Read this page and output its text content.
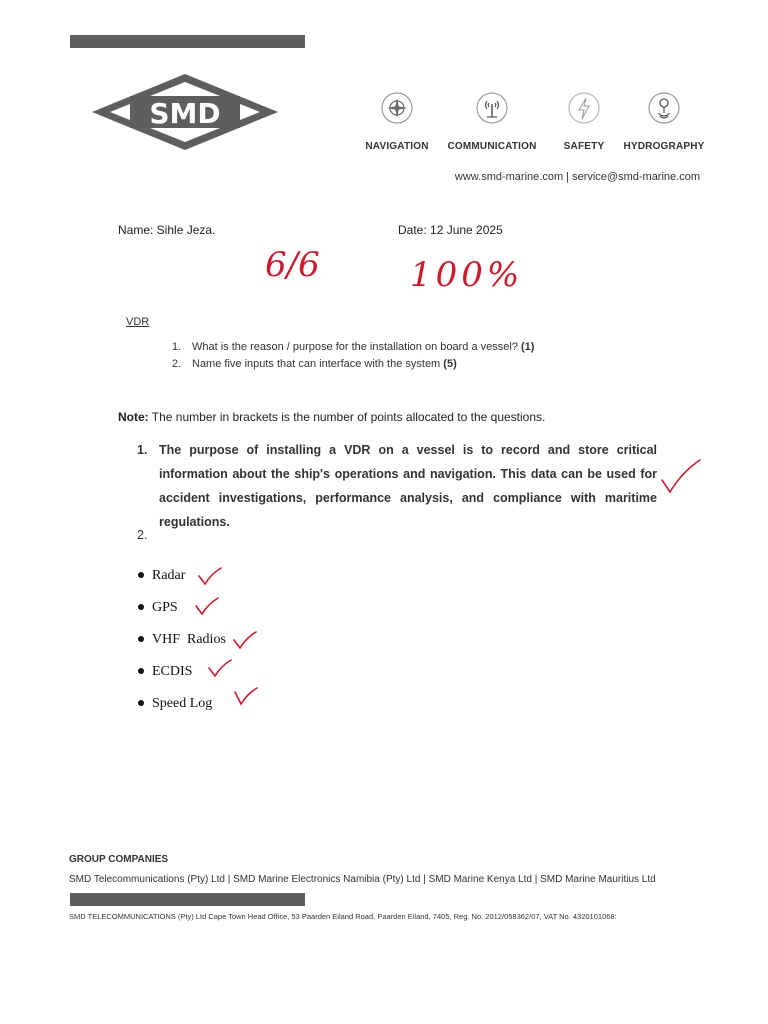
SMD
NAVIGATION	COMMUNICATION	SAFETY	HYDROGRAPHY
www.smd-marine.com | service@smd-marine.com
Name: Sihle Jeza.	Date: 12 June 2025
6/6	100%
VDR
1. What is the reason / purpose for the installation on board a vessel? (1)
2. Name five inputs that can interface with the system (5)
Note: The number in brackets is the number of points allocated to the questions.
1. The purpose of installing a VDR on a vessel is to record and store critical information about the ship's operations and navigation. This data can be used for accident investigations, performance analysis, and compliance with maritime regulations.
2.
Radar
GPS
VHF  Radios
ECDIS
Speed Log
GROUP COMPANIES
SMD Telecommunications (Pty) Ltd | SMD Marine Electronics Namibia (Pty) Ltd | SMD Marine Kenya Ltd | SMD Marine Mauritius Ltd
SMD TELECOMMUNICATIONS (Pty) Ltd Cape Town Head Office, 53 Paarden Eiland Road, Paarden Eiland, 7405, Reg. No. 2012/058362/07, VAT No. 4320101068:
